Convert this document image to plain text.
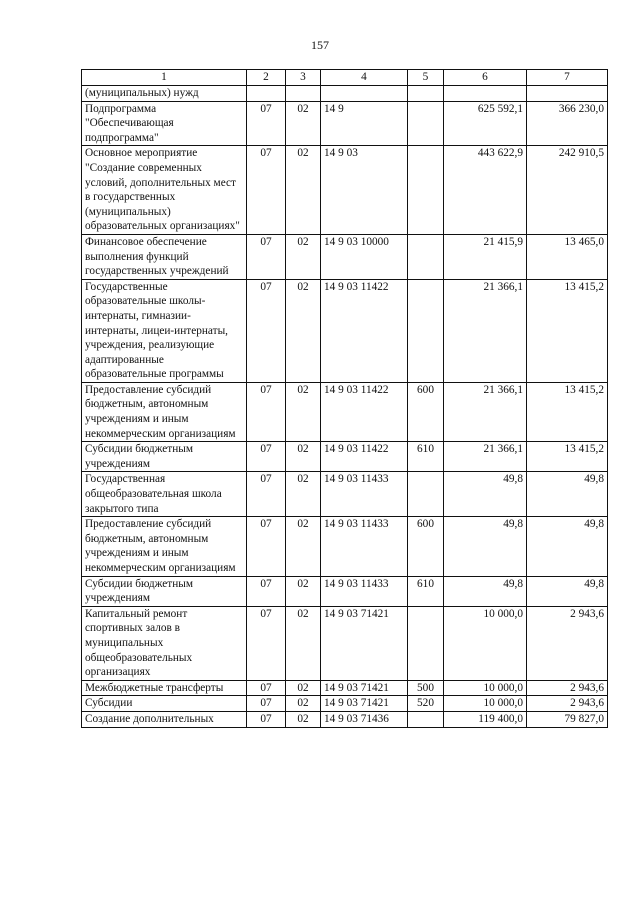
157
1	2	3	4	5	6	7
(муниципальных) нужд						
Подпрограмма "Обеспечивающая подпрограмма"	07	02	14 9		625 592,1	366 230,0
Основное мероприятие "Создание современных условий, дополнительных мест в государственных (муниципальных) образовательных организациях"	07	02	14 9 03		443 622,9	242 910,5
Финансовое обеспечение выполнения функций государственных учреждений	07	02	14 9 03 10000		21 415,9	13 465,0
Государственные образовательные школы-интернаты, гимназии-интернаты, лицеи-интернаты, учреждения, реализующие адаптированные образовательные программы	07	02	14 9 03 11422		21 366,1	13 415,2
Предоставление субсидий бюджетным, автономным учреждениям и иным некоммерческим организациям	07	02	14 9 03 11422	600	21 366,1	13 415,2
Субсидии бюджетным учреждениям	07	02	14 9 03 11422	610	21 366,1	13 415,2
Государственная общеобразовательная школа закрытого типа	07	02	14 9 03 11433		49,8	49,8
Предоставление субсидий бюджетным, автономным учреждениям и иным некоммерческим организациям	07	02	14 9 03 11433	600	49,8	49,8
Субсидии бюджетным учреждениям	07	02	14 9 03 11433	610	49,8	49,8
Капитальный ремонт спортивных залов в муниципальных общеобразовательных организациях	07	02	14 9 03 71421		10 000,0	2 943,6
Межбюджетные трансферты	07	02	14 9 03 71421	500	10 000,0	2 943,6
Субсидии	07	02	14 9 03 71421	520	10 000,0	2 943,6
Создание дополнительных	07	02	14 9 03 71436		119 400,0	79 827,0
